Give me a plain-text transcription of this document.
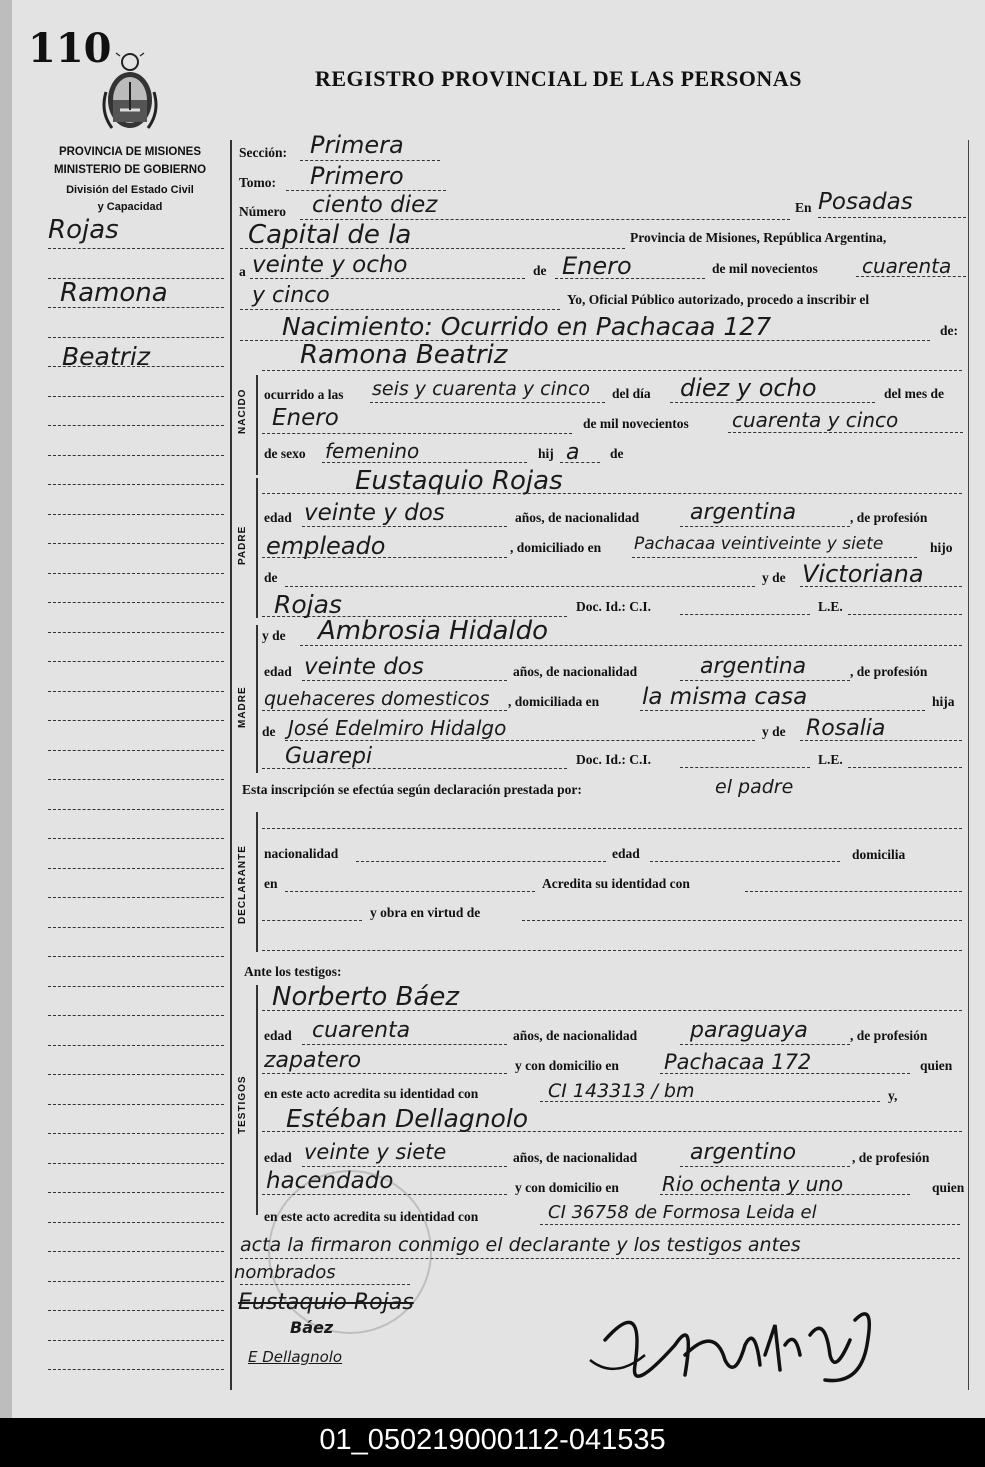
110
REGISTRO PROVINCIAL DE LAS PERSONAS
PROVINCIA DE MISIONES
MINISTERIO DE GOBIERNO
División del Estado Civil
y Capacidad
Rojas
Ramona
Beatriz
Sección: Primera
Tomo: Primero
Número ciento diez	En Posadas
Capital de la	Provincia de Misiones, República Argentina,
a veinte y ocho	de Enero	de mil novecientos cuarenta
y cinco	Yo, Oficial Público autorizado, procedo a inscribir el
Nacimiento: Ocurrido en Pachacaa 127	de:
NACIDO
Ramona Beatriz
ocurrido a las seis y cuarenta y cinco del día diez y ocho	del mes de
Enero	de mil novecientos cuarenta y cinco
de sexo femenino	hij a de
PADRE
Eustaquio Rojas
edad veinte y dos	años, de nacionalidad argentina	, de profesión
empleado	, domiciliado en Pachacaa veintiveinte y siete	hijo
de	y de Victoriana
Rojas	Doc. Id.: C.I.	L.E.
MADRE
y de Ambrosia Hidaldo
edad veinte dos	años, de nacionalidad	argentina	, de profesión
quehaceres domesticos , domiciliada en la misma casa	hija
de José Edelmiro Hidalgo	y de Rosalia
Guarepi	Doc. Id.: C.I.	L.E.
Esta inscripción se efectúa según declaración prestada por:	el padre
DECLARANTE nacionalidad	edad	domicilia
en	Acredita su identidad con
y obra en virtud de
Ante los testigos:
TESTIGOS
Norberto Báez
edad cuarenta	años, de nacionalidad paraguaya	, de profesión
zapatero	y con domicilio en Pachacaa 172	quien
en este acto acredita su identidad con	CI 143313 / bm	y,
Estéban Dellagnolo
edad veinte y siete	años, de nacionalidad argentino	, de profesión
hacendado	y con domicilio en Rio ochenta y uno	quien
en este acto acredita su identidad con	CI 36758 de Formosa Leida el
acta la firmaron conmigo el declarante y los testigos antes
nombrados
Eustaquio Rojas
Báez
E Dellagnolo
01_050219000112-041535
